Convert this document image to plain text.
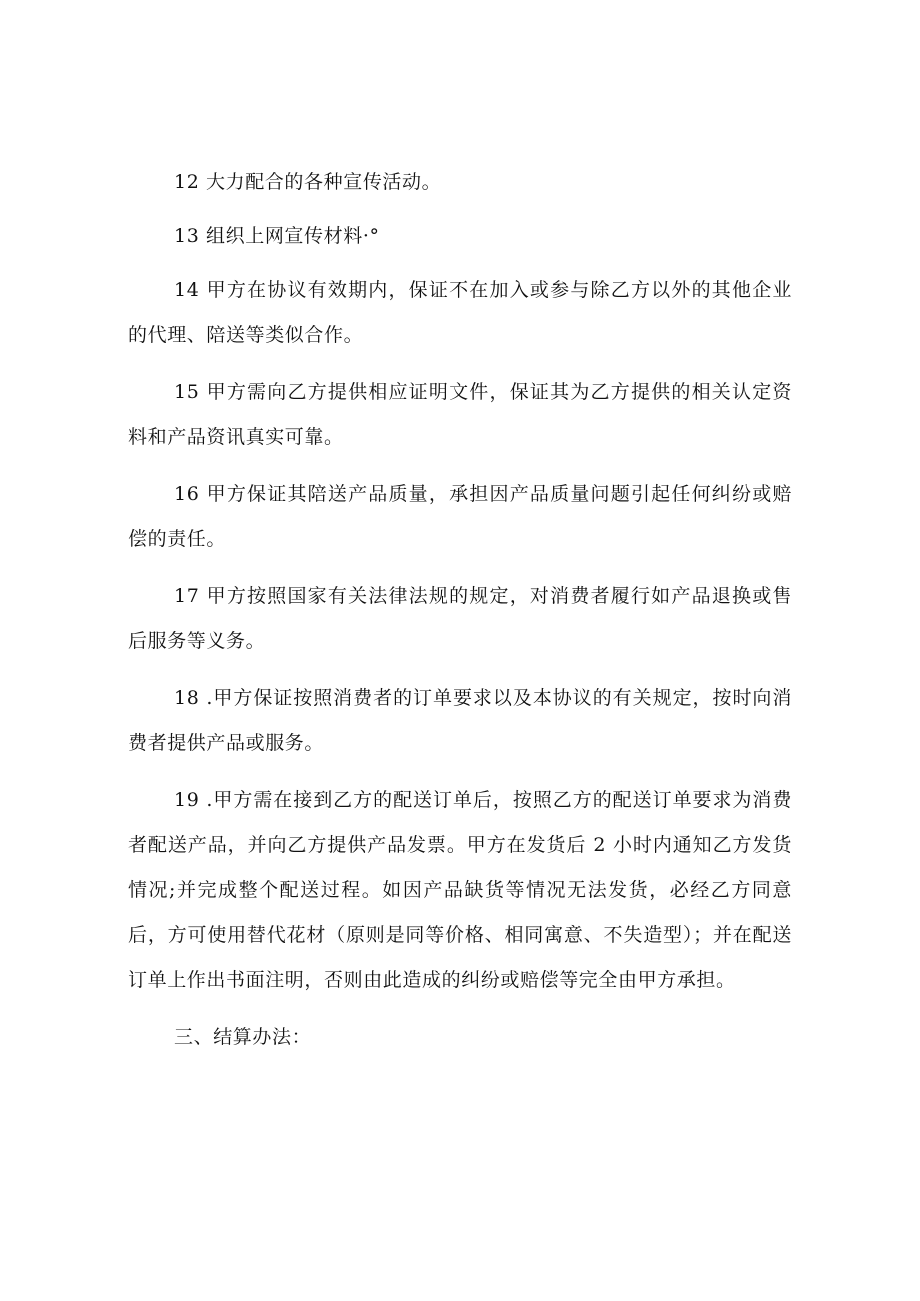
12 大力配合的各种宣传活动。

13 组织上网宣传材料·°

14 甲方在协议有效期内，保证不在加入或参与除乙方以外的其他企业的代理、陪送等类似合作。

15 甲方需向乙方提供相应证明文件，保证其为乙方提供的相关认定资料和产品资讯真实可靠。

16 甲方保证其陪送产品质量，承担因产品质量问题引起任何纠纷或赔偿的责任。

17 甲方按照国家有关法律法规的规定，对消费者履行如产品退换或售后服务等义务。

18 .甲方保证按照消费者的订单要求以及本协议的有关规定，按时向消费者提供产品或服务。

19 .甲方需在接到乙方的配送订单后，按照乙方的配送订单要求为消费者配送产品，并向乙方提供产品发票。甲方在发货后 2 小时内通知乙方发货情况;并完成整个配送过程。如因产品缺货等情况无法发货，必经乙方同意后，方可使用替代花材（原则是同等价格、相同寓意、不失造型）；并在配送订单上作出书面注明，否则由此造成的纠纷或赔偿等完全由甲方承担。

三、结算办法：
